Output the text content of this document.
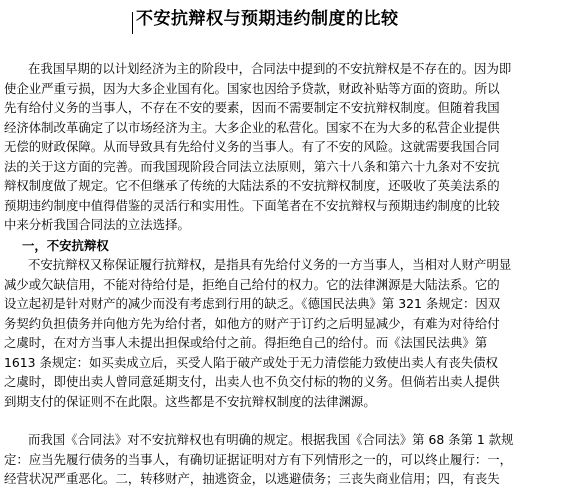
不安抗辩权与预期违约制度的比较
在我国早期的以计划经济为主的阶段中，合同法中提到的不安抗辩权是不存在的。因为即
使企业严重亏损，因为大多企业国有化。国家也因给予贷款，财政补贴等方面的资助。所以
先有给付义务的当事人，不存在不安的要素，因而不需要制定不安抗辩权制度。但随着我国
经济体制改革确定了以市场经济为主。大多企业的私营化。国家不在为大多的私营企业提供
无偿的财政保障。从而导致具有先给付义务的当事人。有了不安的风险。这就需要我国合同
法的关于这方面的完善。而我国现阶段合同法立法原则，第六十八条和第六十九条对不安抗
辩权制度做了规定。它不但继承了传统的大陆法系的不安抗辩权制度，还吸收了英美法系的
预期违约制度中值得借鉴的灵活行和实用性。下面笔者在不安抗辩权与预期违约制度的比较
中来分析我国合同法的立法选择。
一，不安抗辩权
不安抗辩权又称保证履行抗辩权，是指具有先给付义务的一方当事人，当相对人财产明显
减少或欠缺信用，不能对待给付是，拒绝自己给付的权力。它的法律渊源是大陆法系。它的
设立起初是针对财产的减少而没有考虑到行用的缺乏。《德国民法典》第 321 条规定：因双
务契约负担债务并向他方先为给付者，如他方的财产于订约之后明显减少，有难为对待给付
之虞时，在对方当事人未提出担保或给付之前。得拒绝自己的给付。而《法国民法典》第
1613 条规定：如买卖成立后，买受人陷于破产或处于无力清偿能力致使出卖人有丧失债权
之虞时，即使出卖人曾同意延期支付，出卖人也不负交付标的物的义务。但倘若出卖人提供
到期支付的保证则不在此限。这些都是不安抗辩权制度的法律渊源。
而我国《合同法》对不安抗辩权也有明确的规定。根据我国《合同法》第 68 条第 1 款规
定：应当先履行债务的当事人，有确切证据证明对方有下列情形之一的，可以终止履行：一，
经营状况严重恶化。二，转移财产，抽逃资金，以逃避债务；三丧失商业信用；四，有丧失
